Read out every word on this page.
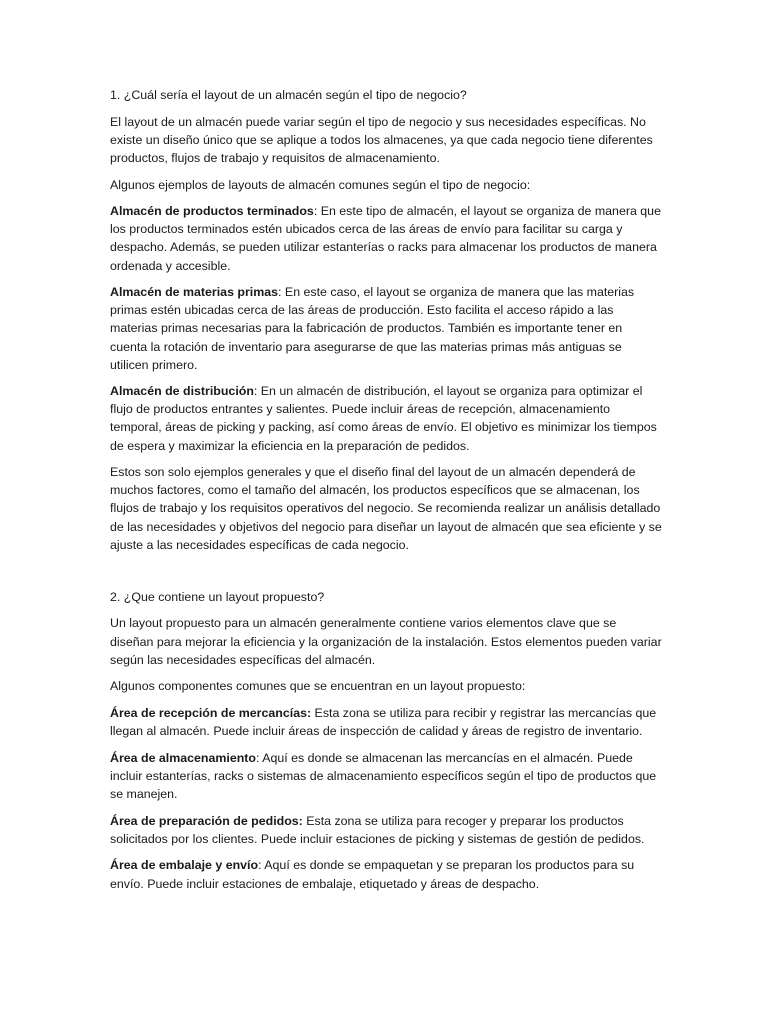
1. ¿Cuál sería el layout de un almacén según el tipo de negocio?

El layout de un almacén puede variar según el tipo de negocio y sus necesidades específicas. No existe un diseño único que se aplique a todos los almacenes, ya que cada negocio tiene diferentes productos, flujos de trabajo y requisitos de almacenamiento.

Algunos ejemplos de layouts de almacén comunes según el tipo de negocio:

Almacén de productos terminados: En este tipo de almacén, el layout se organiza de manera que los productos terminados estén ubicados cerca de las áreas de envío para facilitar su carga y despacho. Además, se pueden utilizar estanterías o racks para almacenar los productos de manera ordenada y accesible.

Almacén de materias primas: En este caso, el layout se organiza de manera que las materias primas estén ubicadas cerca de las áreas de producción. Esto facilita el acceso rápido a las materias primas necesarias para la fabricación de productos. También es importante tener en cuenta la rotación de inventario para asegurarse de que las materias primas más antiguas se utilicen primero.

Almacén de distribución: En un almacén de distribución, el layout se organiza para optimizar el flujo de productos entrantes y salientes. Puede incluir áreas de recepción, almacenamiento temporal, áreas de picking y packing, así como áreas de envío. El objetivo es minimizar los tiempos de espera y maximizar la eficiencia en la preparación de pedidos.

Estos son solo ejemplos generales y que el diseño final del layout de un almacén dependerá de muchos factores, como el tamaño del almacén, los productos específicos que se almacenan, los flujos de trabajo y los requisitos operativos del negocio. Se recomienda realizar un análisis detallado de las necesidades y objetivos del negocio para diseñar un layout de almacén que sea eficiente y se ajuste a las necesidades específicas de cada negocio.

2. ¿Que contiene un layout propuesto?

Un layout propuesto para un almacén generalmente contiene varios elementos clave que se diseñan para mejorar la eficiencia y la organización de la instalación. Estos elementos pueden variar según las necesidades específicas del almacén.

Algunos componentes comunes que se encuentran en un layout propuesto:

Área de recepción de mercancías: Esta zona se utiliza para recibir y registrar las mercancías que llegan al almacén. Puede incluir áreas de inspección de calidad y áreas de registro de inventario.

Área de almacenamiento: Aquí es donde se almacenan las mercancías en el almacén. Puede incluir estanterías, racks o sistemas de almacenamiento específicos según el tipo de productos que se manejen.

Área de preparación de pedidos: Esta zona se utiliza para recoger y preparar los productos solicitados por los clientes. Puede incluir estaciones de picking y sistemas de gestión de pedidos.

Área de embalaje y envío: Aquí es donde se empaquetan y se preparan los productos para su envío. Puede incluir estaciones de embalaje, etiquetado y áreas de despacho.
